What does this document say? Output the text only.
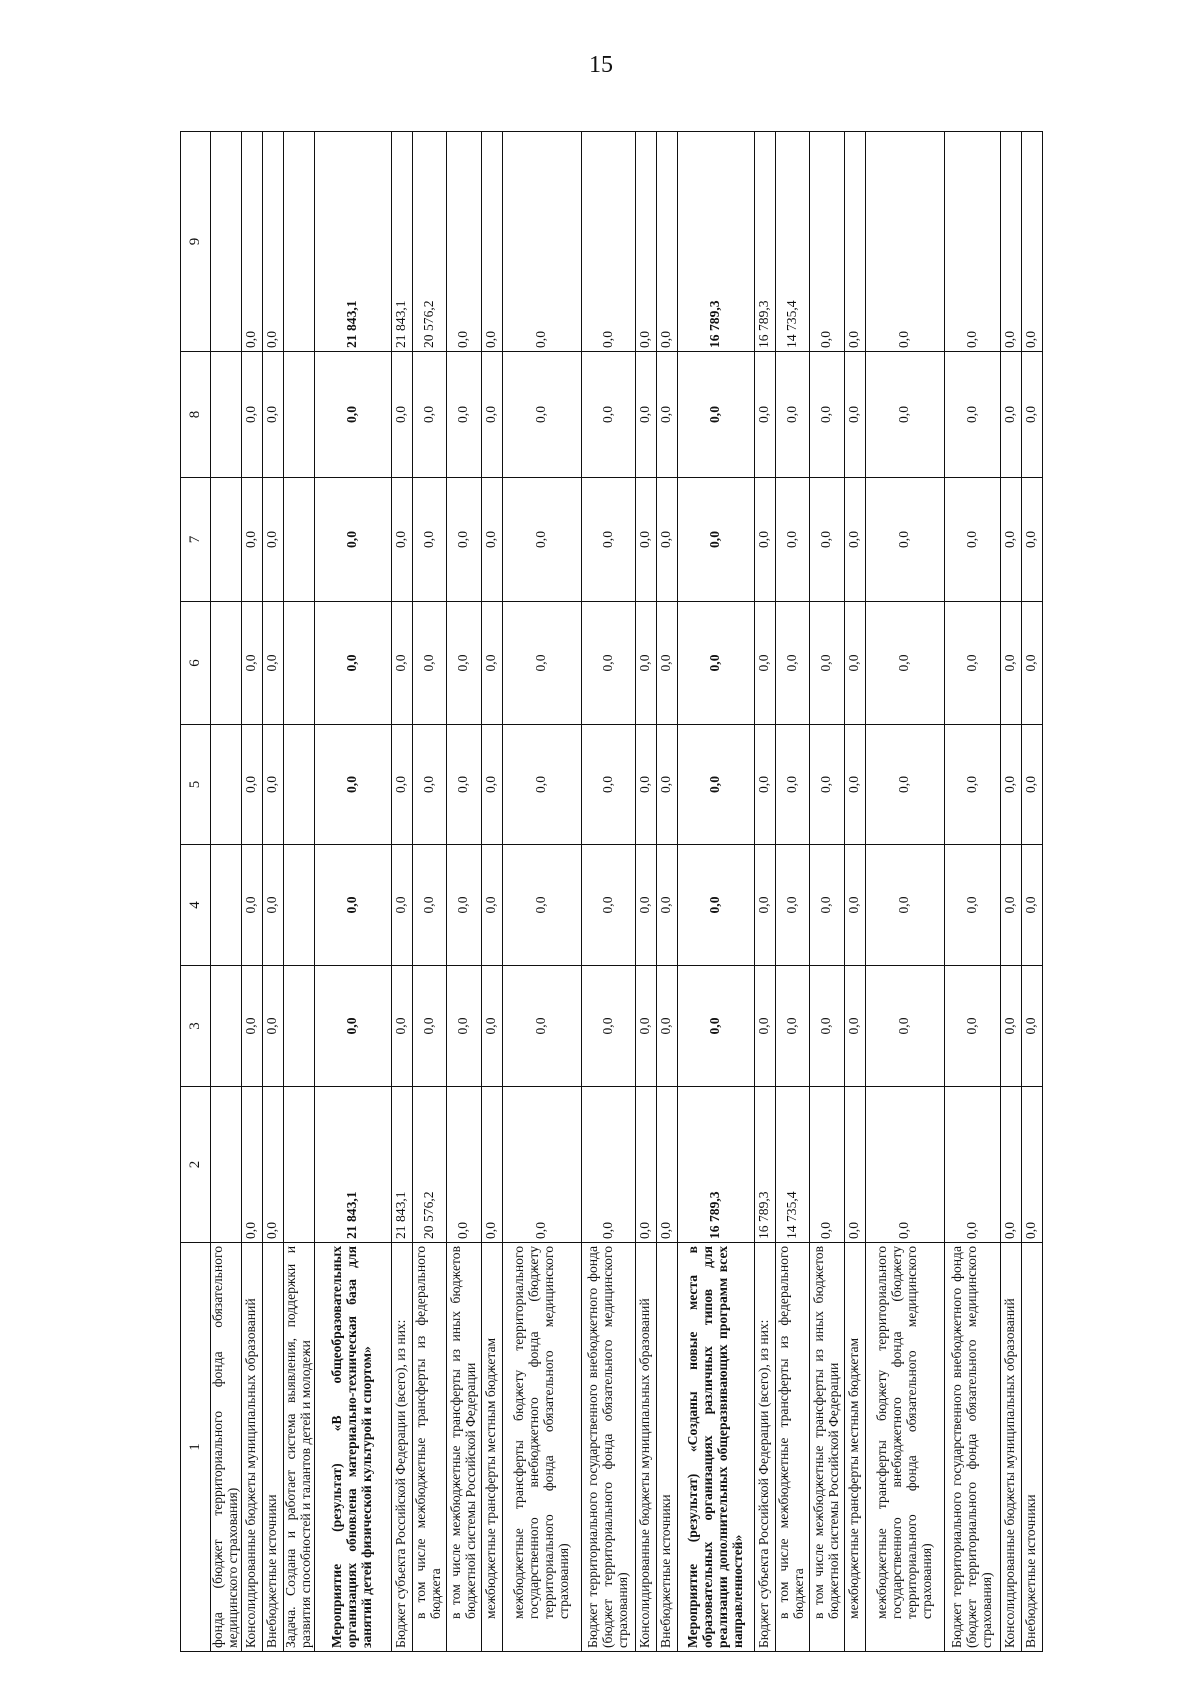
15
1	2	3	4	5	6	7	8	9
фонда (бюджет территориального фонда обязательного медицинского страхования)								
Консолидированные бюджеты муниципальных образований	0,0	0,0	0,0	0,0	0,0	0,0	0,0	0,0
Внебюджетные источники	0,0	0,0	0,0	0,0	0,0	0,0	0,0	0,0
Задача. Создана и работает система выявления, поддержки и развития способностей и талантов детей и молодежи								
Мероприятие (результат) «В общеобразовательных организациях обновлена материально-техническая база для занятий детей физической культурой и спортом»	21 843,1	0,0	0,0	0,0	0,0	0,0	0,0	21 843,1
Бюджет субъекта Российской Федерации (всего), из них:	21 843,1	0,0	0,0	0,0	0,0	0,0	0,0	21 843,1
в том числе межбюджетные трансферты из федерального бюджета	20 576,2	0,0	0,0	0,0	0,0	0,0	0,0	20 576,2
в том числе межбюджетные трансферты из иных бюджетов бюджетной системы Российской Федерации	0,0	0,0	0,0	0,0	0,0	0,0	0,0	0,0
межбюджетные трансферты местным бюджетам	0,0	0,0	0,0	0,0	0,0	0,0	0,0	0,0
межбюджетные трансферты бюджету территориального государственного внебюджетного фонда (бюджету территориального фонда обязательного медицинского страхования)	0,0	0,0	0,0	0,0	0,0	0,0	0,0	0,0
Бюджет территориального государственного внебюджетного фонда (бюджет территориального фонда обязательного медицинского страхования)	0,0	0,0	0,0	0,0	0,0	0,0	0,0	0,0
Консолидированные бюджеты муниципальных образований	0,0	0,0	0,0	0,0	0,0	0,0	0,0	0,0
Внебюджетные источники	0,0	0,0	0,0	0,0	0,0	0,0	0,0	0,0
Мероприятие (результат) «Созданы новые места в образовательных организациях различных типов для реализации дополнительных общеразвивающих программ всех направленностей»	16 789,3	0,0	0,0	0,0	0,0	0,0	0,0	16 789,3
Бюджет субъекта Российской Федерации (всего), из них:	16 789,3	0,0	0,0	0,0	0,0	0,0	0,0	16 789,3
в том числе межбюджетные трансферты из федерального бюджета	14 735,4	0,0	0,0	0,0	0,0	0,0	0,0	14 735,4
в том числе межбюджетные трансферты из иных бюджетов бюджетной системы Российской Федерации	0,0	0,0	0,0	0,0	0,0	0,0	0,0	0,0
межбюджетные трансферты местным бюджетам	0,0	0,0	0,0	0,0	0,0	0,0	0,0	0,0
межбюджетные трансферты бюджету территориального государственного внебюджетного фонда (бюджету территориального фонда обязательного медицинского страхования)	0,0	0,0	0,0	0,0	0,0	0,0	0,0	0,0
Бюджет территориального государственного внебюджетного фонда (бюджет территориального фонда обязательного медицинского страхования)	0,0	0,0	0,0	0,0	0,0	0,0	0,0	0,0
Консолидированные бюджеты муниципальных образований	0,0	0,0	0,0	0,0	0,0	0,0	0,0	0,0
Внебюджетные источники	0,0	0,0	0,0	0,0	0,0	0,0	0,0	0,0
